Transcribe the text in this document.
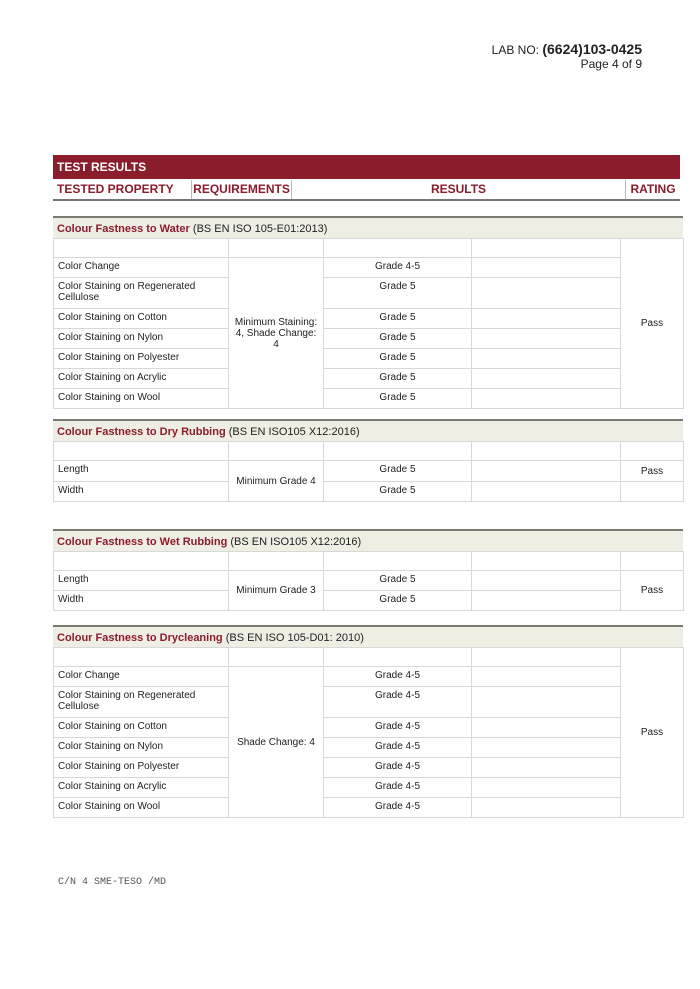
LAB NO: (6624)103-0425
Page 4 of 9
TEST RESULTS
TESTED PROPERTY	REQUIREMENTS	RESULTS	RATING
Colour Fastness to Water (BS EN ISO 105-E01:2013)
				Pass
Color Change	Minimum Staining: 4, Shade Change: 4	Grade 4-5		
Color Staining on Regenerated Cellulose		Grade 5		
Color Staining on Cotton		Grade 5		
Color Staining on Nylon		Grade 5		
Color Staining on Polyester		Grade 5		
Color Staining on Acrylic		Grade 5		
Color Staining on Wool		Grade 5		
Colour Fastness to Dry Rubbing (BS EN ISO105 X12:2016)

Length	Minimum Grade 4	Grade 5		Pass
Width		Grade 5		
Colour Fastness to Wet Rubbing (BS EN ISO105 X12:2016)

Length	Minimum Grade 3	Grade 5		Pass
Width		Grade 5		
Colour Fastness to Drycleaning (BS EN ISO 105-D01: 2010)
				Pass
Color Change	Shade Change: 4	Grade 4-5		
Color Staining on Regenerated Cellulose		Grade 4-5		
Color Staining on Cotton		Grade 4-5		
Color Staining on Nylon		Grade 4-5		
Color Staining on Polyester		Grade 4-5		
Color Staining on Acrylic		Grade 4-5		
Color Staining on Wool		Grade 4-5		
C/N 4 SME-TESO /MD
